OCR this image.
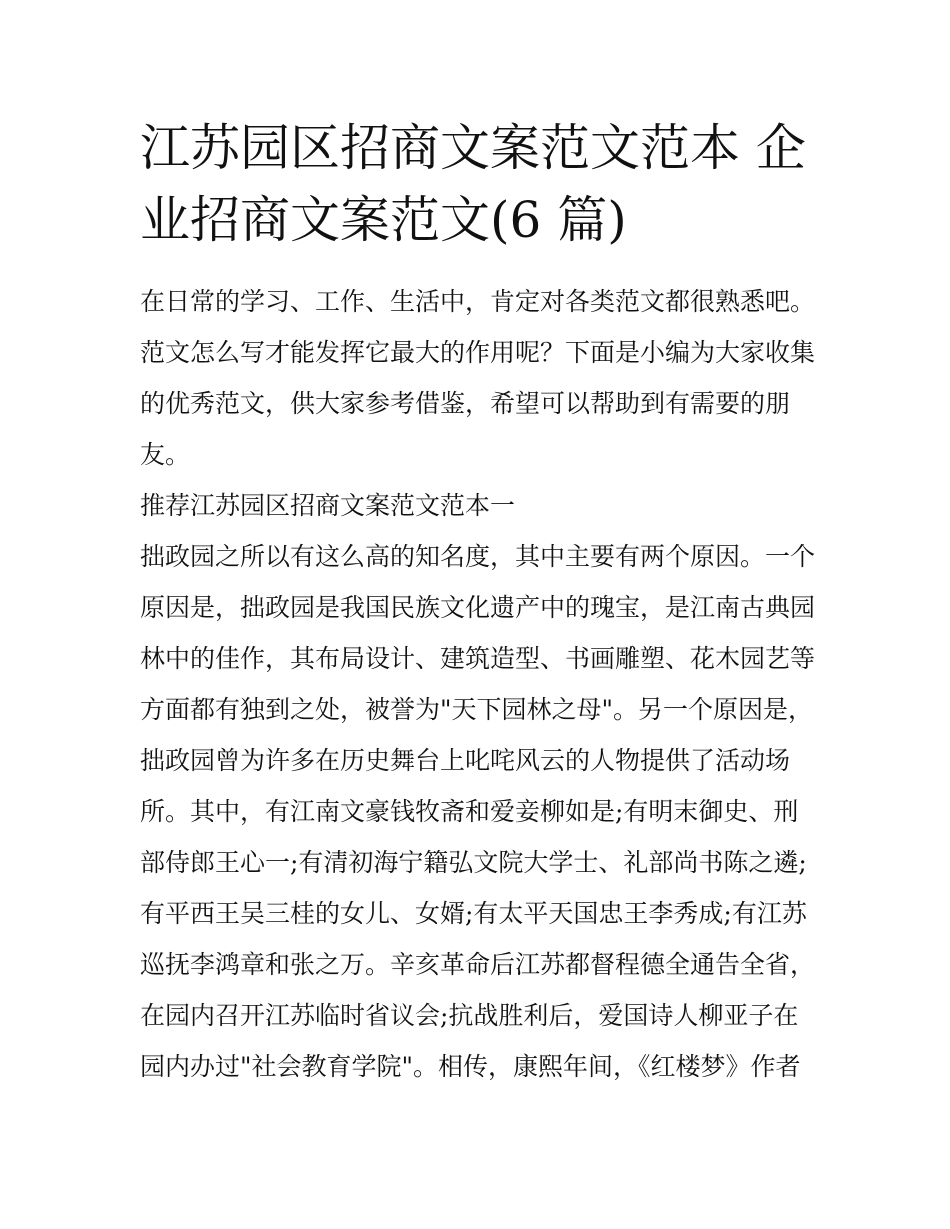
江苏园区招商文案范文范本 企
业招商文案范文(6 篇)
在日常的学习、工作、生活中，肯定对各类范文都很熟悉吧。
范文怎么写才能发挥它最大的作用呢？下面是小编为大家收集
的优秀范文，供大家参考借鉴，希望可以帮助到有需要的朋
友。
推荐江苏园区招商文案范文范本一
拙政园之所以有这么高的知名度，其中主要有两个原因。一个
原因是，拙政园是我国民族文化遗产中的瑰宝，是江南古典园
林中的佳作，其布局设计、建筑造型、书画雕塑、花木园艺等
方面都有独到之处，被誉为"天下园林之母"。另一个原因是，
拙政园曾为许多在历史舞台上叱咤风云的人物提供了活动场
所。其中，有江南文豪钱牧斋和爱妾柳如是;有明末御史、刑
部侍郎王心一;有清初海宁籍弘文院大学士、礼部尚书陈之遴;
有平西王吴三桂的女儿、女婿;有太平天国忠王李秀成;有江苏
巡抚李鸿章和张之万。辛亥革命后江苏都督程德全通告全省，
在园内召开江苏临时省议会;抗战胜利后，爱国诗人柳亚子在
园内办过"社会教育学院"。相传，康熙年间，《红楼梦》作者
